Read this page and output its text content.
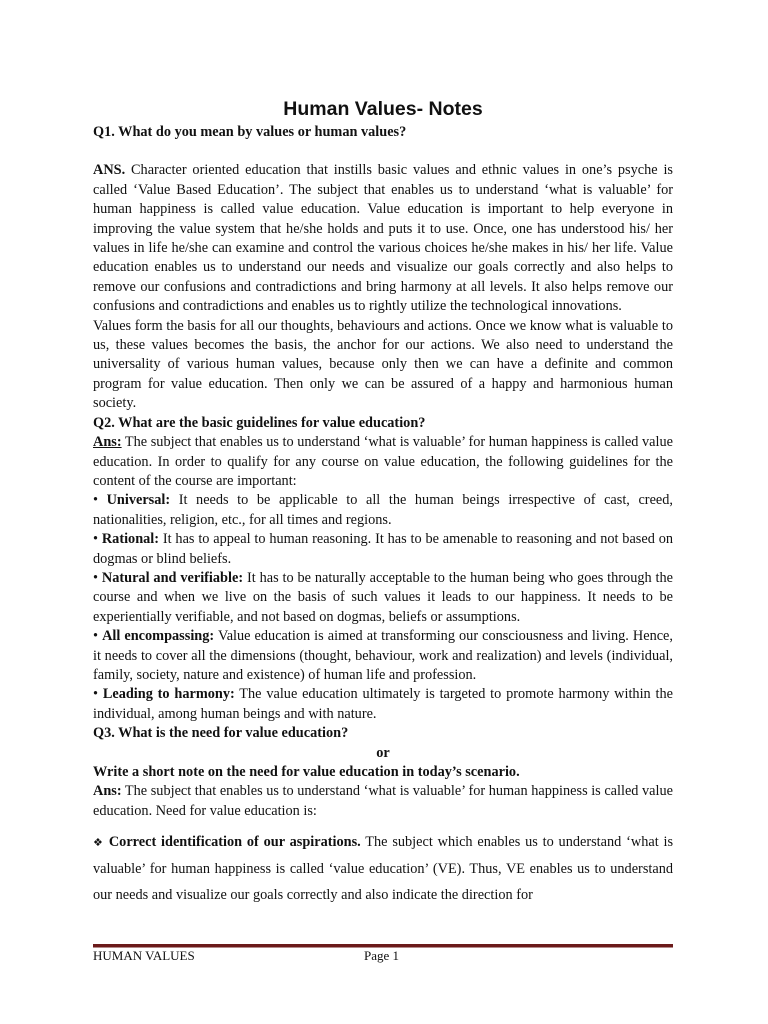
Human Values- Notes

Q1. What do you mean by values or human values?

ANS. Character oriented education that instills basic values and ethnic values in one’s psyche is called ‘Value Based Education’. The subject that enables us to understand ‘what is valuable’ for human happiness is called value education. Value education is important to help everyone in improving the value system that he/she holds and puts it to use. Once, one has understood his/ her values in life he/she can examine and control the various choices he/she makes in his/ her life. Value education enables us to understand our needs and visualize our goals correctly and also helps to remove our confusions and contradictions and bring harmony at all levels. It also helps remove our confusions and contradictions and enables us to rightly utilize the technological innovations.

Values form the basis for all our thoughts, behaviours and actions. Once we know what is valuable to us, these values becomes the basis, the anchor for our actions. We also need to understand the universality of various human values, because only then we can have a definite and common program for value education. Then only we can be assured of a happy and harmonious human society.

Q2. What are the basic guidelines for value education?

Ans: The subject that enables us to understand ‘what is valuable’ for human happiness is called value education. In order to qualify for any course on value education, the following guidelines for the content of the course are important:

• Universal: It needs to be applicable to all the human beings irrespective of cast, creed, nationalities, religion, etc., for all times and regions.

• Rational: It has to appeal to human reasoning. It has to be amenable to reasoning and not based on dogmas or blind beliefs.

• Natural and verifiable: It has to be naturally acceptable to the human being who goes through the course and when we live on the basis of such values it leads to our happiness. It needs to be experientially verifiable, and not based on dogmas, beliefs or assumptions.

• All encompassing: Value education is aimed at transforming our consciousness and living. Hence, it needs to cover all the dimensions (thought, behaviour, work and realization) and levels (individual, family, society, nature and existence) of human life and profession.

• Leading to harmony: The value education ultimately is targeted to promote harmony within the individual, among human beings and with nature.

Q3. What is the need for value education?

or

Write a short note on the need for value education in today’s scenario.

Ans: The subject that enables us to understand ‘what is valuable’ for human happiness is called value education. Need for value education is:

❖ Correct identification of our aspirations. The subject which enables us to understand ‘what is valuable’ for human happiness is called ‘value education’ (VE). Thus, VE enables us to understand our needs and visualize our goals correctly and also indicate the direction for

HUMAN VALUES	Page 1
